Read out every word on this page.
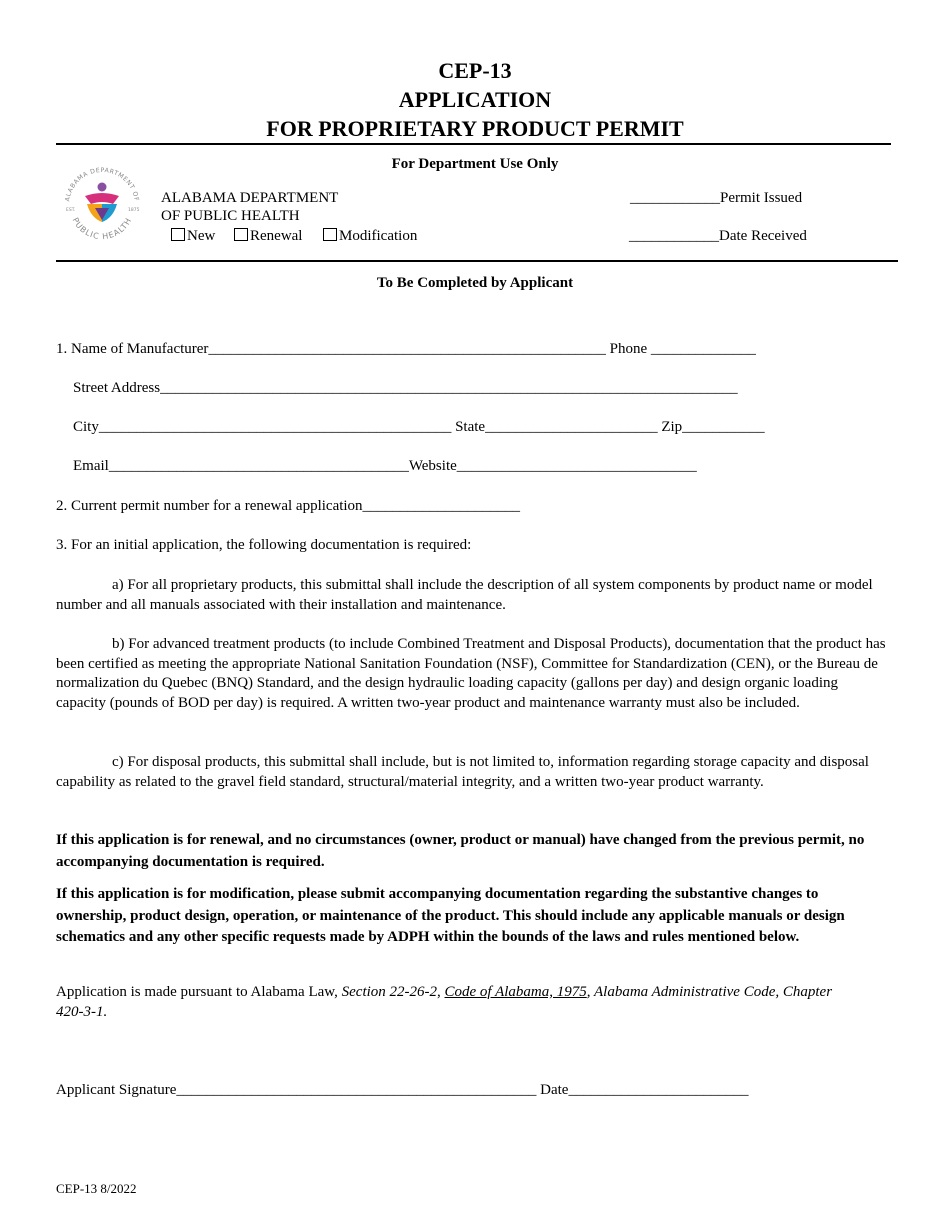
CEP-13
APPLICATION
FOR PROPRIETARY PRODUCT PERMIT
For Department Use Only
ALABAMA DEPARTMENT OF
PUBLIC HEALTH
EST.	1875
ALABAMA DEPARTMENT
OF PUBLIC HEALTH
New	Renewal	Modification
____________Permit Issued
____________Date Received
To Be Completed by Applicant
1. Name of Manufacturer_____________________________________________________ Phone ______________
Street Address_____________________________________________________________________________
City_______________________________________________ State_______________________ Zip___________
Email________________________________________Website________________________________
2. Current permit number for a renewal application_____________________
3. For an initial application, the following documentation is required:
a) For all proprietary products, this submittal shall include the description of all system components by product name or model number and all manuals associated with their installation and maintenance.
b) For advanced treatment products (to include Combined Treatment and Disposal Products), documentation that the product has been certified as meeting the appropriate National Sanitation Foundation (NSF), Committee for Standardization (CEN), or the Bureau de normalization du Quebec (BNQ) Standard, and the design hydraulic loading capacity (gallons per day) and design organic loading capacity (pounds of BOD per day) is required. A written two-year product and maintenance warranty must also be included.
c) For disposal products, this submittal shall include, but is not limited to, information regarding storage capacity and disposal capability as related to the gravel field standard, structural/material integrity, and a written two-year product warranty.
If this application is for renewal, and no circumstances (owner, product or manual) have changed from the previous permit, no accompanying documentation is required.
If this application is for modification, please submit accompanying documentation regarding the substantive changes to ownership, product design, operation, or maintenance of the product. This should include any applicable manuals or design schematics and any other specific requests made by ADPH within the bounds of the laws and rules mentioned below.
Application is made pursuant to Alabama Law, Section 22-26-2, Code of Alabama, 1975, Alabama Administrative Code, Chapter 420-3-1.
Applicant Signature________________________________________________ Date________________________
CEP-13 8/2022
